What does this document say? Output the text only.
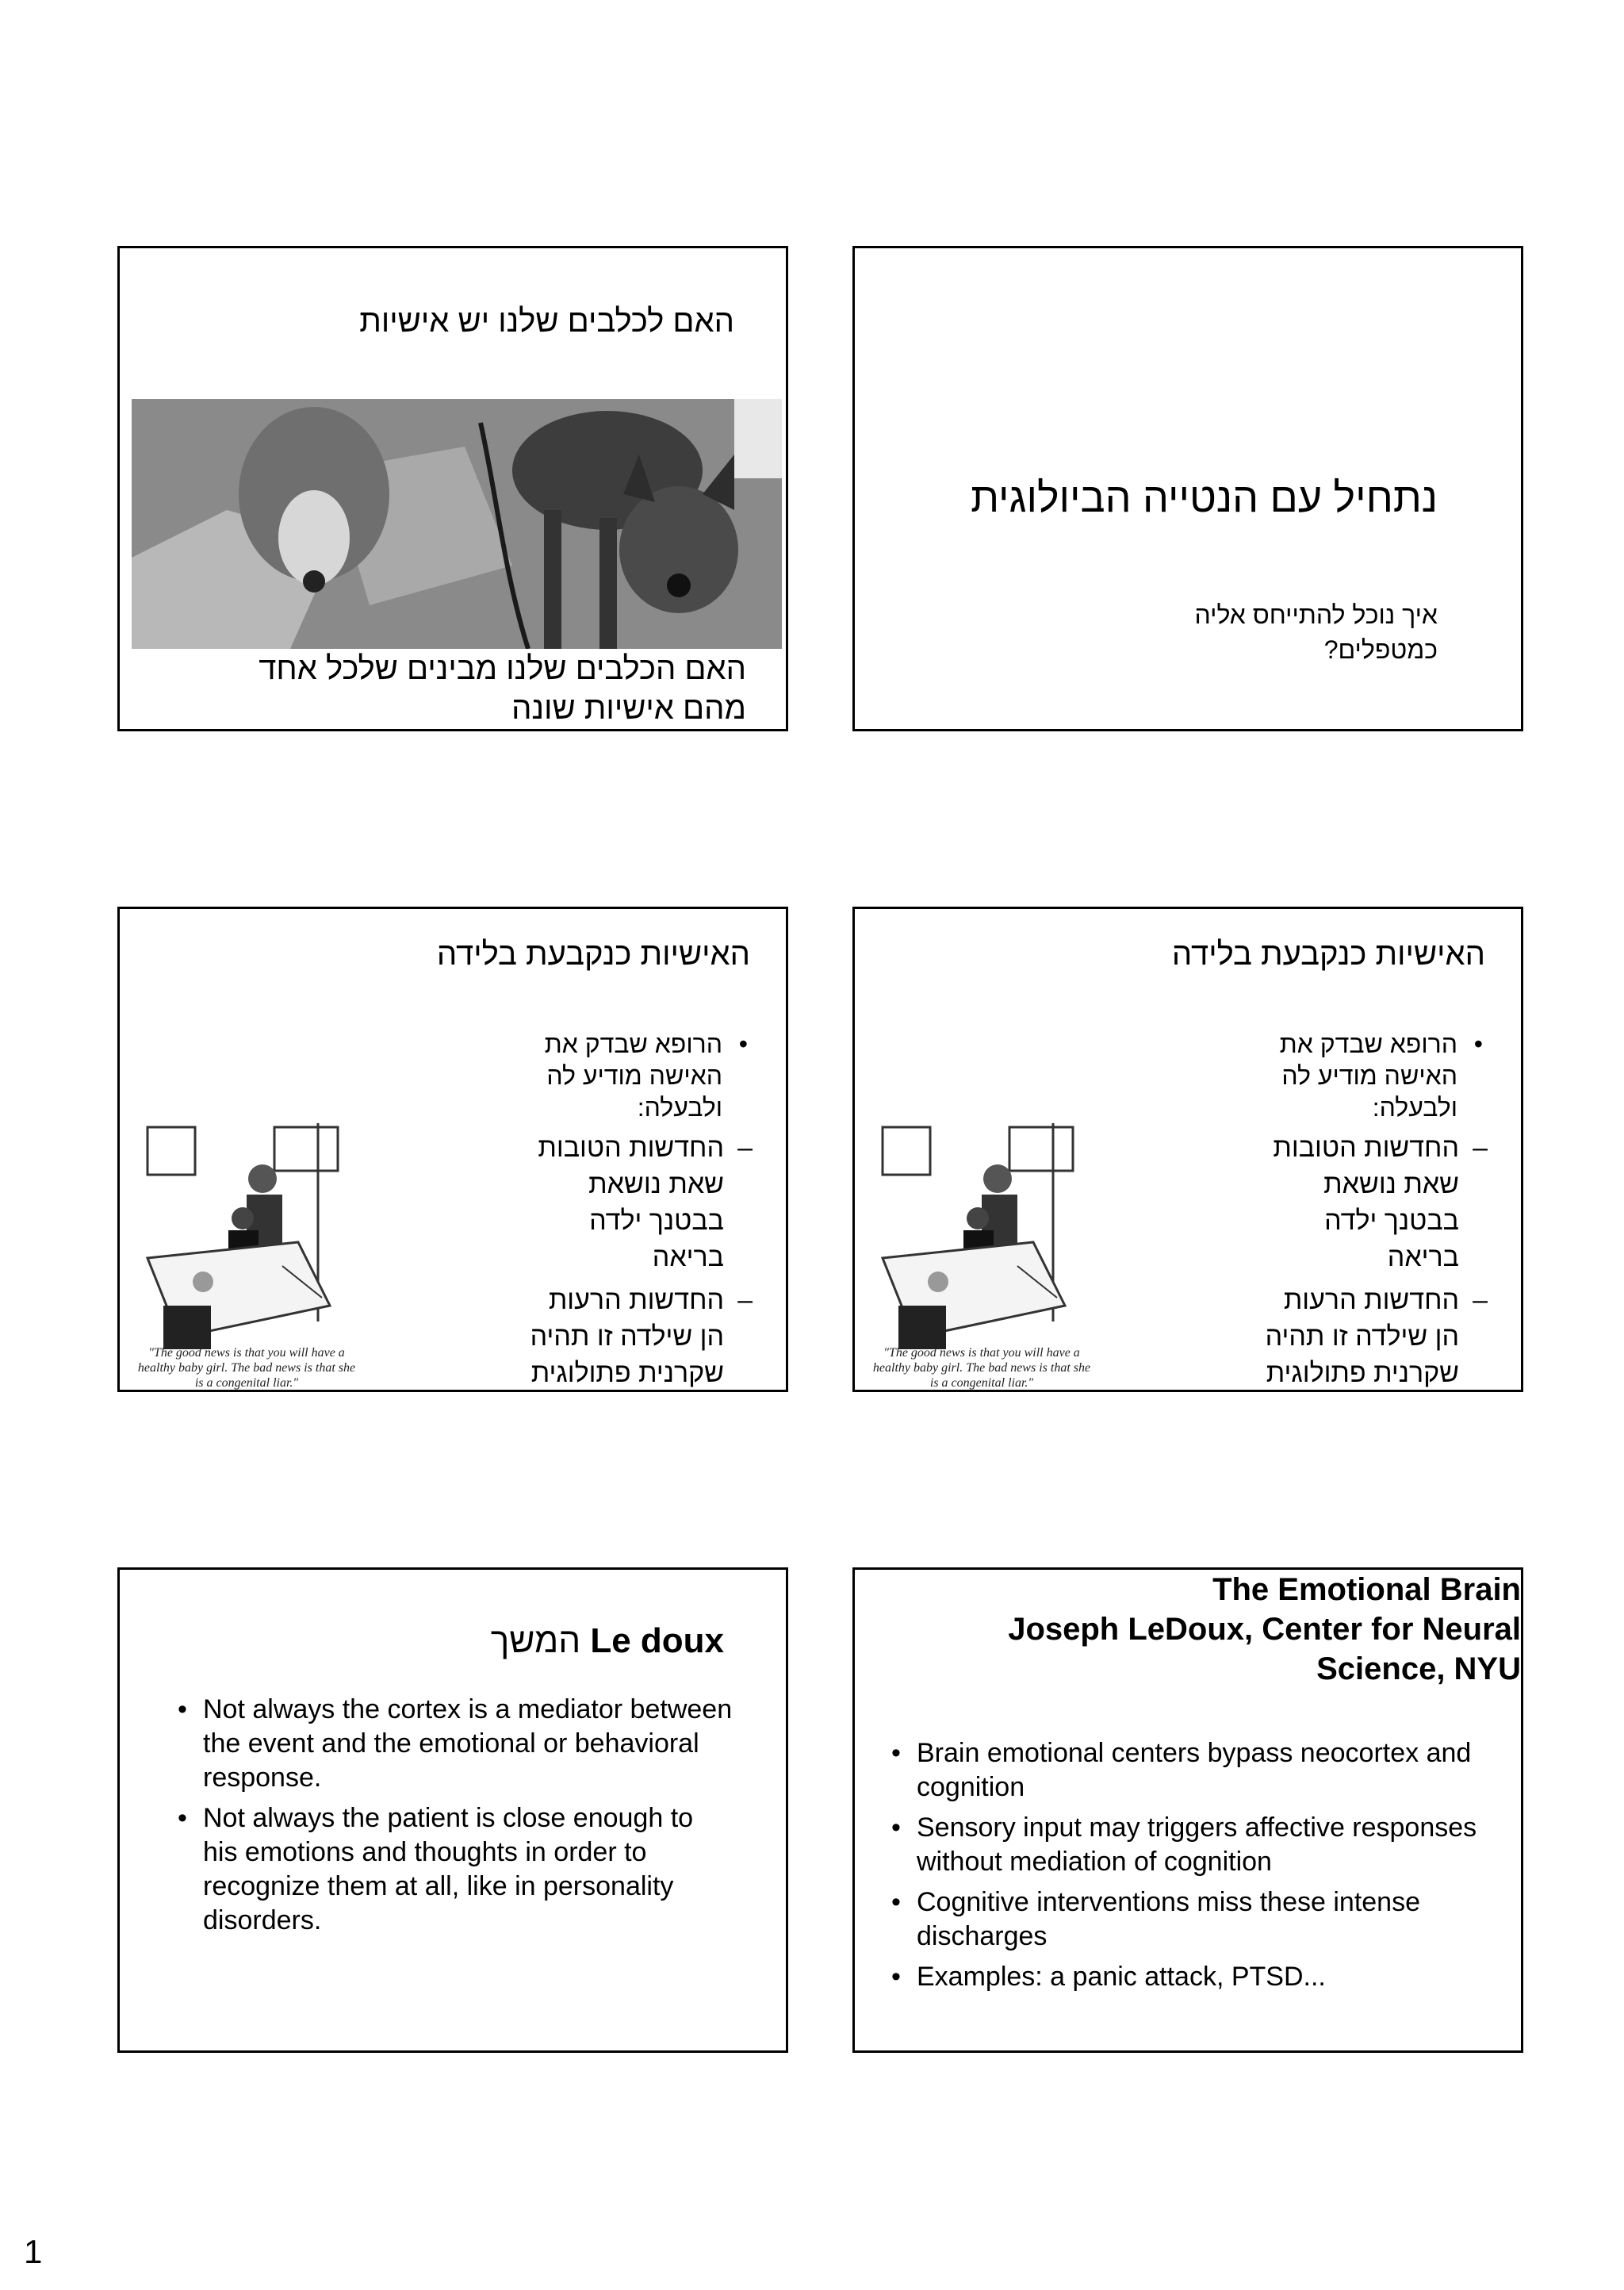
האם לכלבים שלנו יש אישיות
האם הכלבים שלנו מבינים שלכל אחד מהם אישיות שונה
נתחיל עם הנטייה הביולוגית
איך נוכל להתייחס אליה כמטפלים?
האישיות כנקבעת בלידה
"The good news is that you will have a healthy baby girl. The bad news is that she is a congenital liar."
• הרופא שבדק את האישה מודיע לה ולבעלה:
– החדשות הטובות שאת נושאת בבטנך ילדה בריאה
– החדשות הרעות הן שילדה זו תהיה שקרנית פתולוגית
האישיות כנקבעת בלידה
"The good news is that you will have a healthy baby girl. The bad news is that she is a congenital liar."
• הרופא שבדק את האישה מודיע לה ולבעלה:
– החדשות הטובות שאת נושאת בבטנך ילדה בריאה
– החדשות הרעות הן שילדה זו תהיה שקרנית פתולוגית
המשך Le doux
• Not always the cortex is a mediator between the event and the emotional or behavioral response.
• Not always the patient is close enough to his emotions and thoughts in order to recognize them at all, like in personality disorders.
The Emotional Brain
Joseph LeDoux, Center for Neural
Science, NYU
• Brain emotional centers bypass neocortex and cognition
• Sensory input may triggers affective responses without mediation of cognition
• Cognitive interventions miss these intense discharges
• Examples: a panic attack, PTSD...
1
